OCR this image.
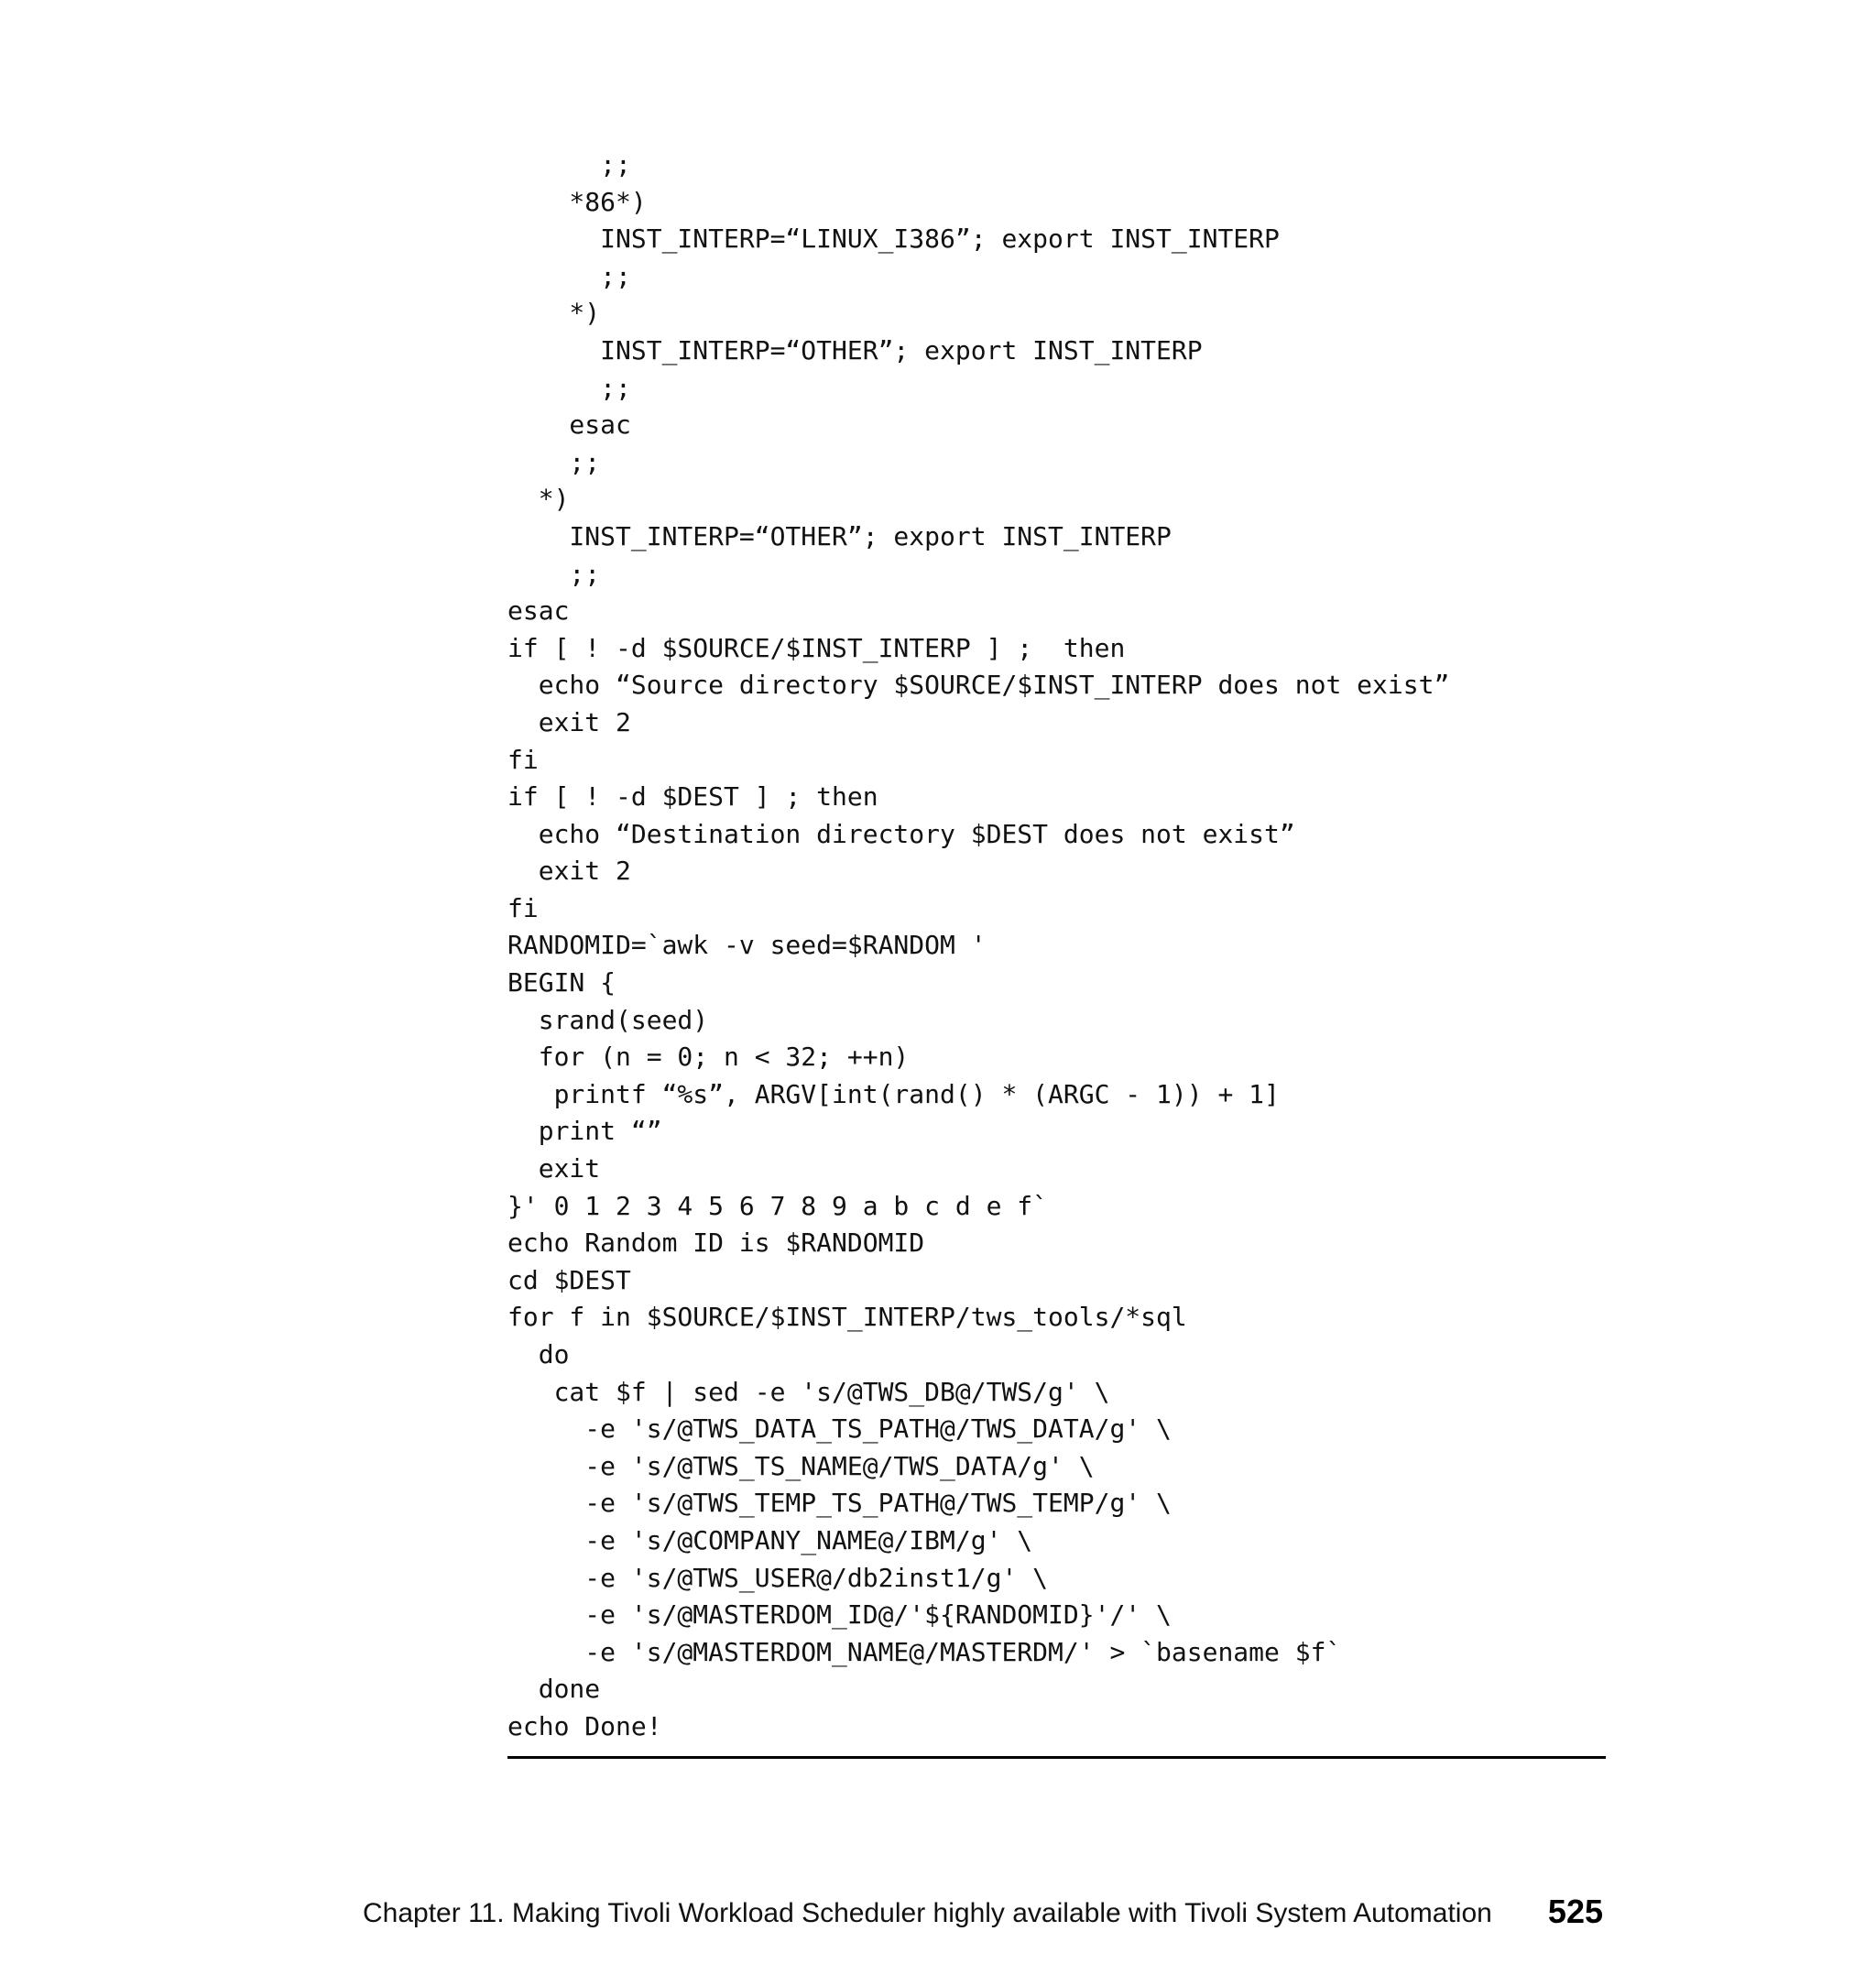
;;
*86*)
INST_INTERP=“LINUX_I386”; export INST_INTERP
;;
*)
INST_INTERP=“OTHER”; export INST_INTERP
;;
esac
;;
*)
INST_INTERP=“OTHER”; export INST_INTERP
;;
esac
if [ ! -d $SOURCE/$INST_INTERP ] ;  then
echo “Source directory $SOURCE/$INST_INTERP does not exist”
exit 2
fi
if [ ! -d $DEST ] ; then
echo “Destination directory $DEST does not exist”
exit 2
fi
RANDOMID=`awk -v seed=$RANDOM '
BEGIN {
srand(seed)
for (n = 0; n < 32; ++n)
printf “%s”, ARGV[int(rand() * (ARGC - 1)) + 1]
print “”
exit
}' 0 1 2 3 4 5 6 7 8 9 a b c d e f`
echo Random ID is $RANDOMID
cd $DEST
for f in $SOURCE/$INST_INTERP/tws_tools/*sql
do
cat $f | sed -e 's/@TWS_DB@/TWS/g' \
-e 's/@TWS_DATA_TS_PATH@/TWS_DATA/g' \
-e 's/@TWS_TS_NAME@/TWS_DATA/g' \
-e 's/@TWS_TEMP_TS_PATH@/TWS_TEMP/g' \
-e 's/@COMPANY_NAME@/IBM/g' \
-e 's/@TWS_USER@/db2inst1/g' \
-e 's/@MASTERDOM_ID@/'${RANDOMID}'/' \
-e 's/@MASTERDOM_NAME@/MASTERDM/' > `basename $f`
done
echo Done!
Chapter 11. Making Tivoli Workload Scheduler highly available with Tivoli System Automation 525
